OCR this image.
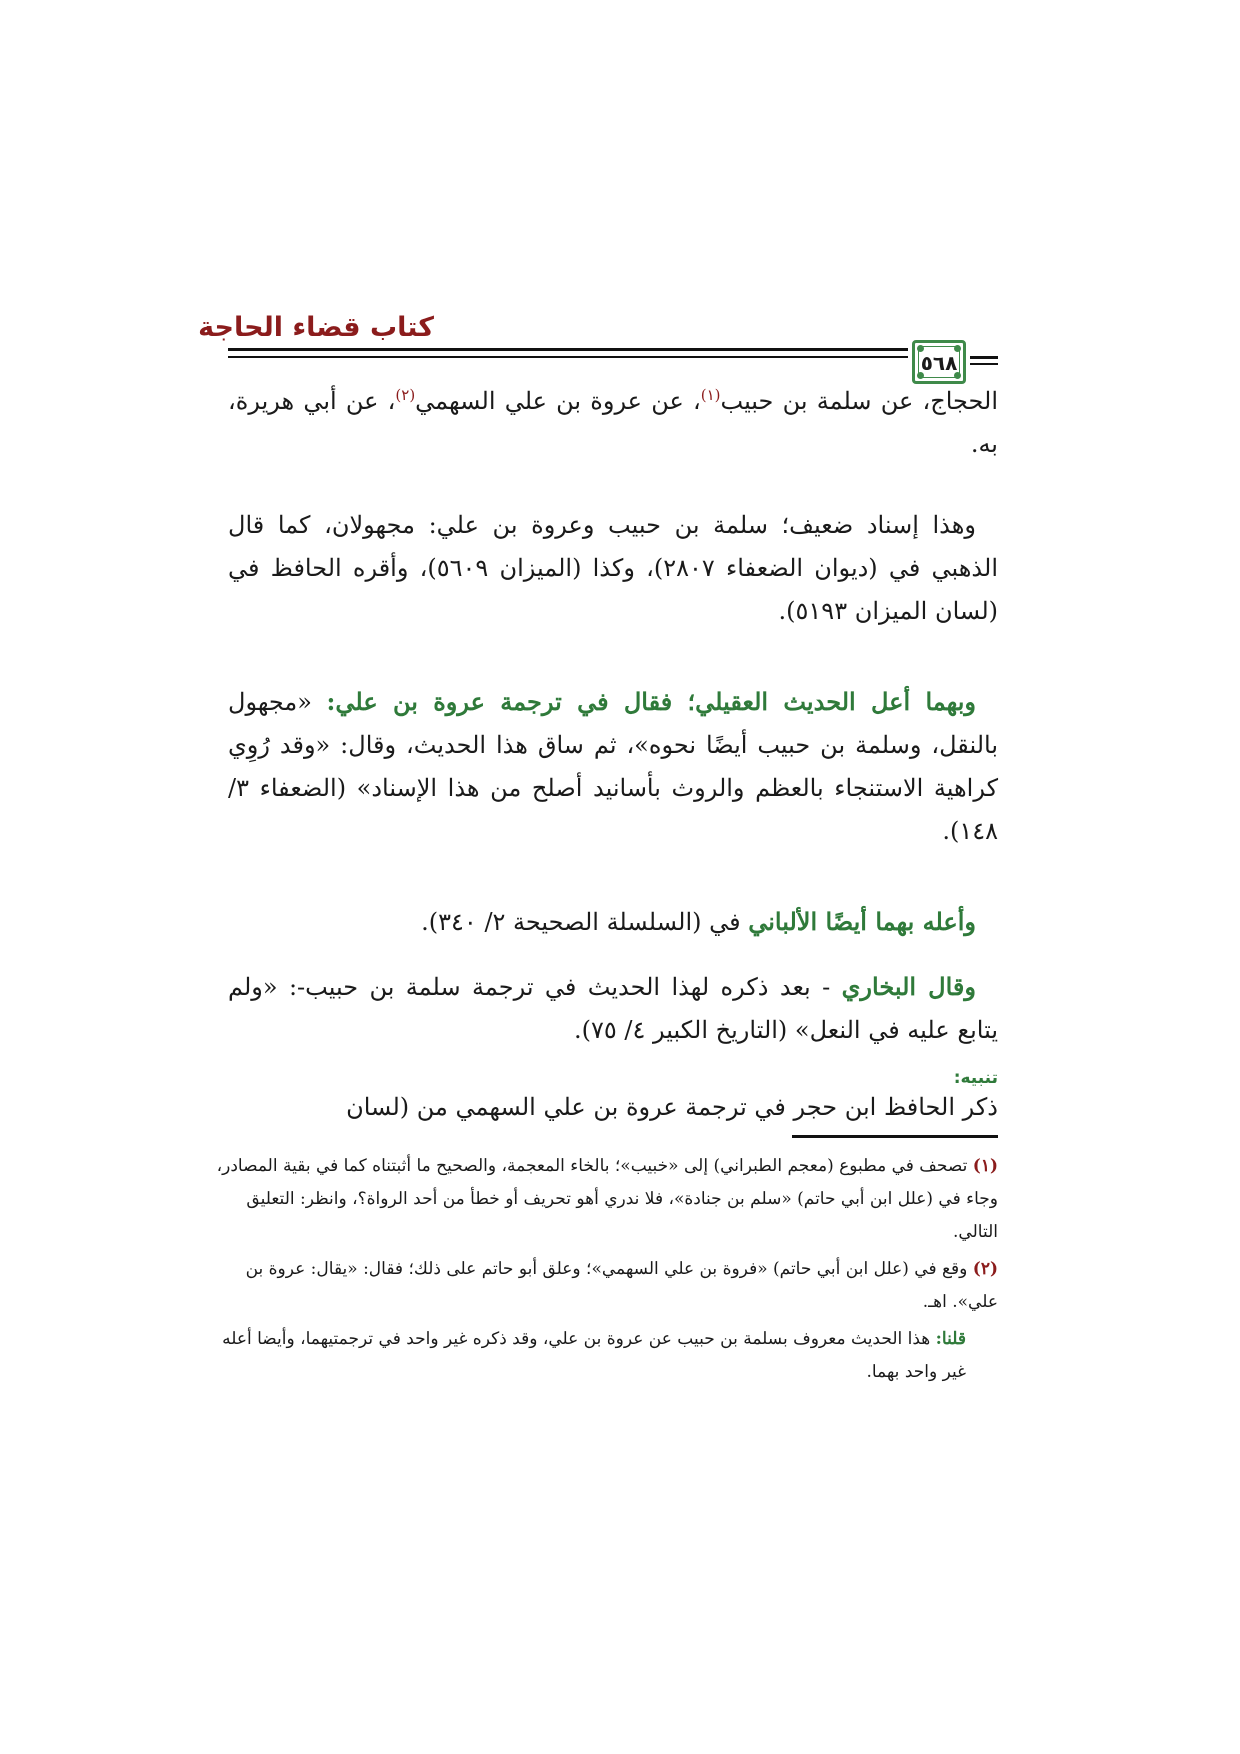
كتاب قضاء الحاجة
٥٦٨

الحجاج، عن سلمة بن حبيب$^{(١)}$، عن عروة بن علي السهمي$^{(٢)}$، عن أبي هريرة، به.

وهذا إسناد ضعيف؛ سلمة بن حبيب وعروة بن علي: مجهولان، كما قال الذهبي في (ديوان الضعفاء ٢٨٠٧)، وكذا (الميزان ٥٦٠٩)، وأقره الحافظ في (لسان الميزان ٥١٩٣).

وبهما أعل الحديث العقيلي؛ فقال في ترجمة عروة بن علي: «مجهول بالنقل، وسلمة بن حبيب أيضًا نحوه»، ثم ساق هذا الحديث، وقال: «وقد رُوِي كراهية الاستنجاء بالعظم والروث بأسانيد أصلح من هذا الإسناد» (الضعفاء ٣/ ١٤٨).

وأعله بهما أيضًا الألباني في (السلسلة الصحيحة ٢/ ٣٤٠).

وقال البخاري - بعد ذكره لهذا الحديث في ترجمة سلمة بن حبيب-: «ولم يتابع عليه في النعل» (التاريخ الكبير ٤/ ٧٥).

تنبيه:

ذكر الحافظ ابن حجر في ترجمة عروة بن علي السهمي من (لسان

(١) تصحف في مطبوع (معجم الطبراني) إلى «خبيب»؛ بالخاء المعجمة، والصحيح ما أثبتناه كما في بقية المصادر، وجاء في (علل ابن أبي حاتم) «سلم بن جنادة»، فلا ندري أهو تحريف أو خطأ من أحد الرواة؟، وانظر: التعليق التالي.

(٢) وقع في (علل ابن أبي حاتم) «فروة بن علي السهمي»؛ وعلق أبو حاتم على ذلك؛ فقال: «يقال: عروة بن علي». اهـ.

قلنا: هذا الحديث معروف بسلمة بن حبيب عن عروة بن علي، وقد ذكره غير واحد في ترجمتيهما، وأيضا أعله غير واحد بهما.
